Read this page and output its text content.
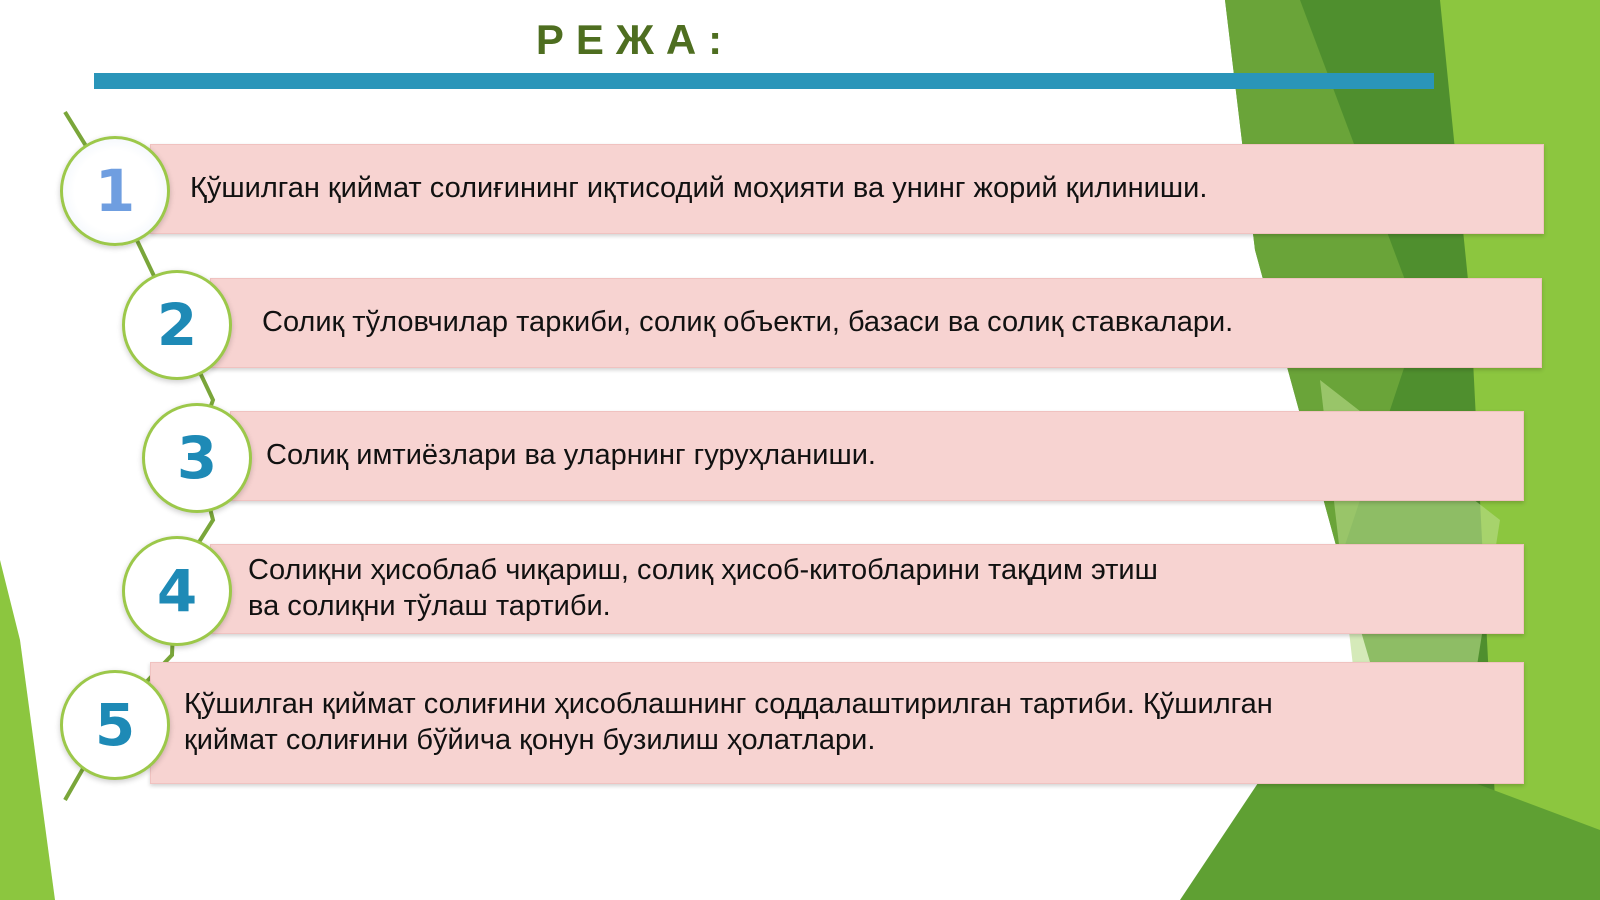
РЕЖА:
Қўшилган қиймат солиғининг иқтисодий моҳияти ва унинг жорий қилиниши.
1
Солиқ тўловчилар таркиби, солиқ объекти, базаси ва солиқ ставкалари.
2
Солиқ имтиёзлари ва уларнинг гуруҳланиши.
3
Солиқни ҳисоблаб чиқариш, солиқ ҳисоб-китобларини тақдим этиш
ва солиқни тўлаш тартиби.
4
Қўшилган қиймат солиғини ҳисоблашнинг соддалаштирилган тартиби. Қўшилган
қиймат солиғини бўйича қонун бузилиш ҳолатлари.
5
